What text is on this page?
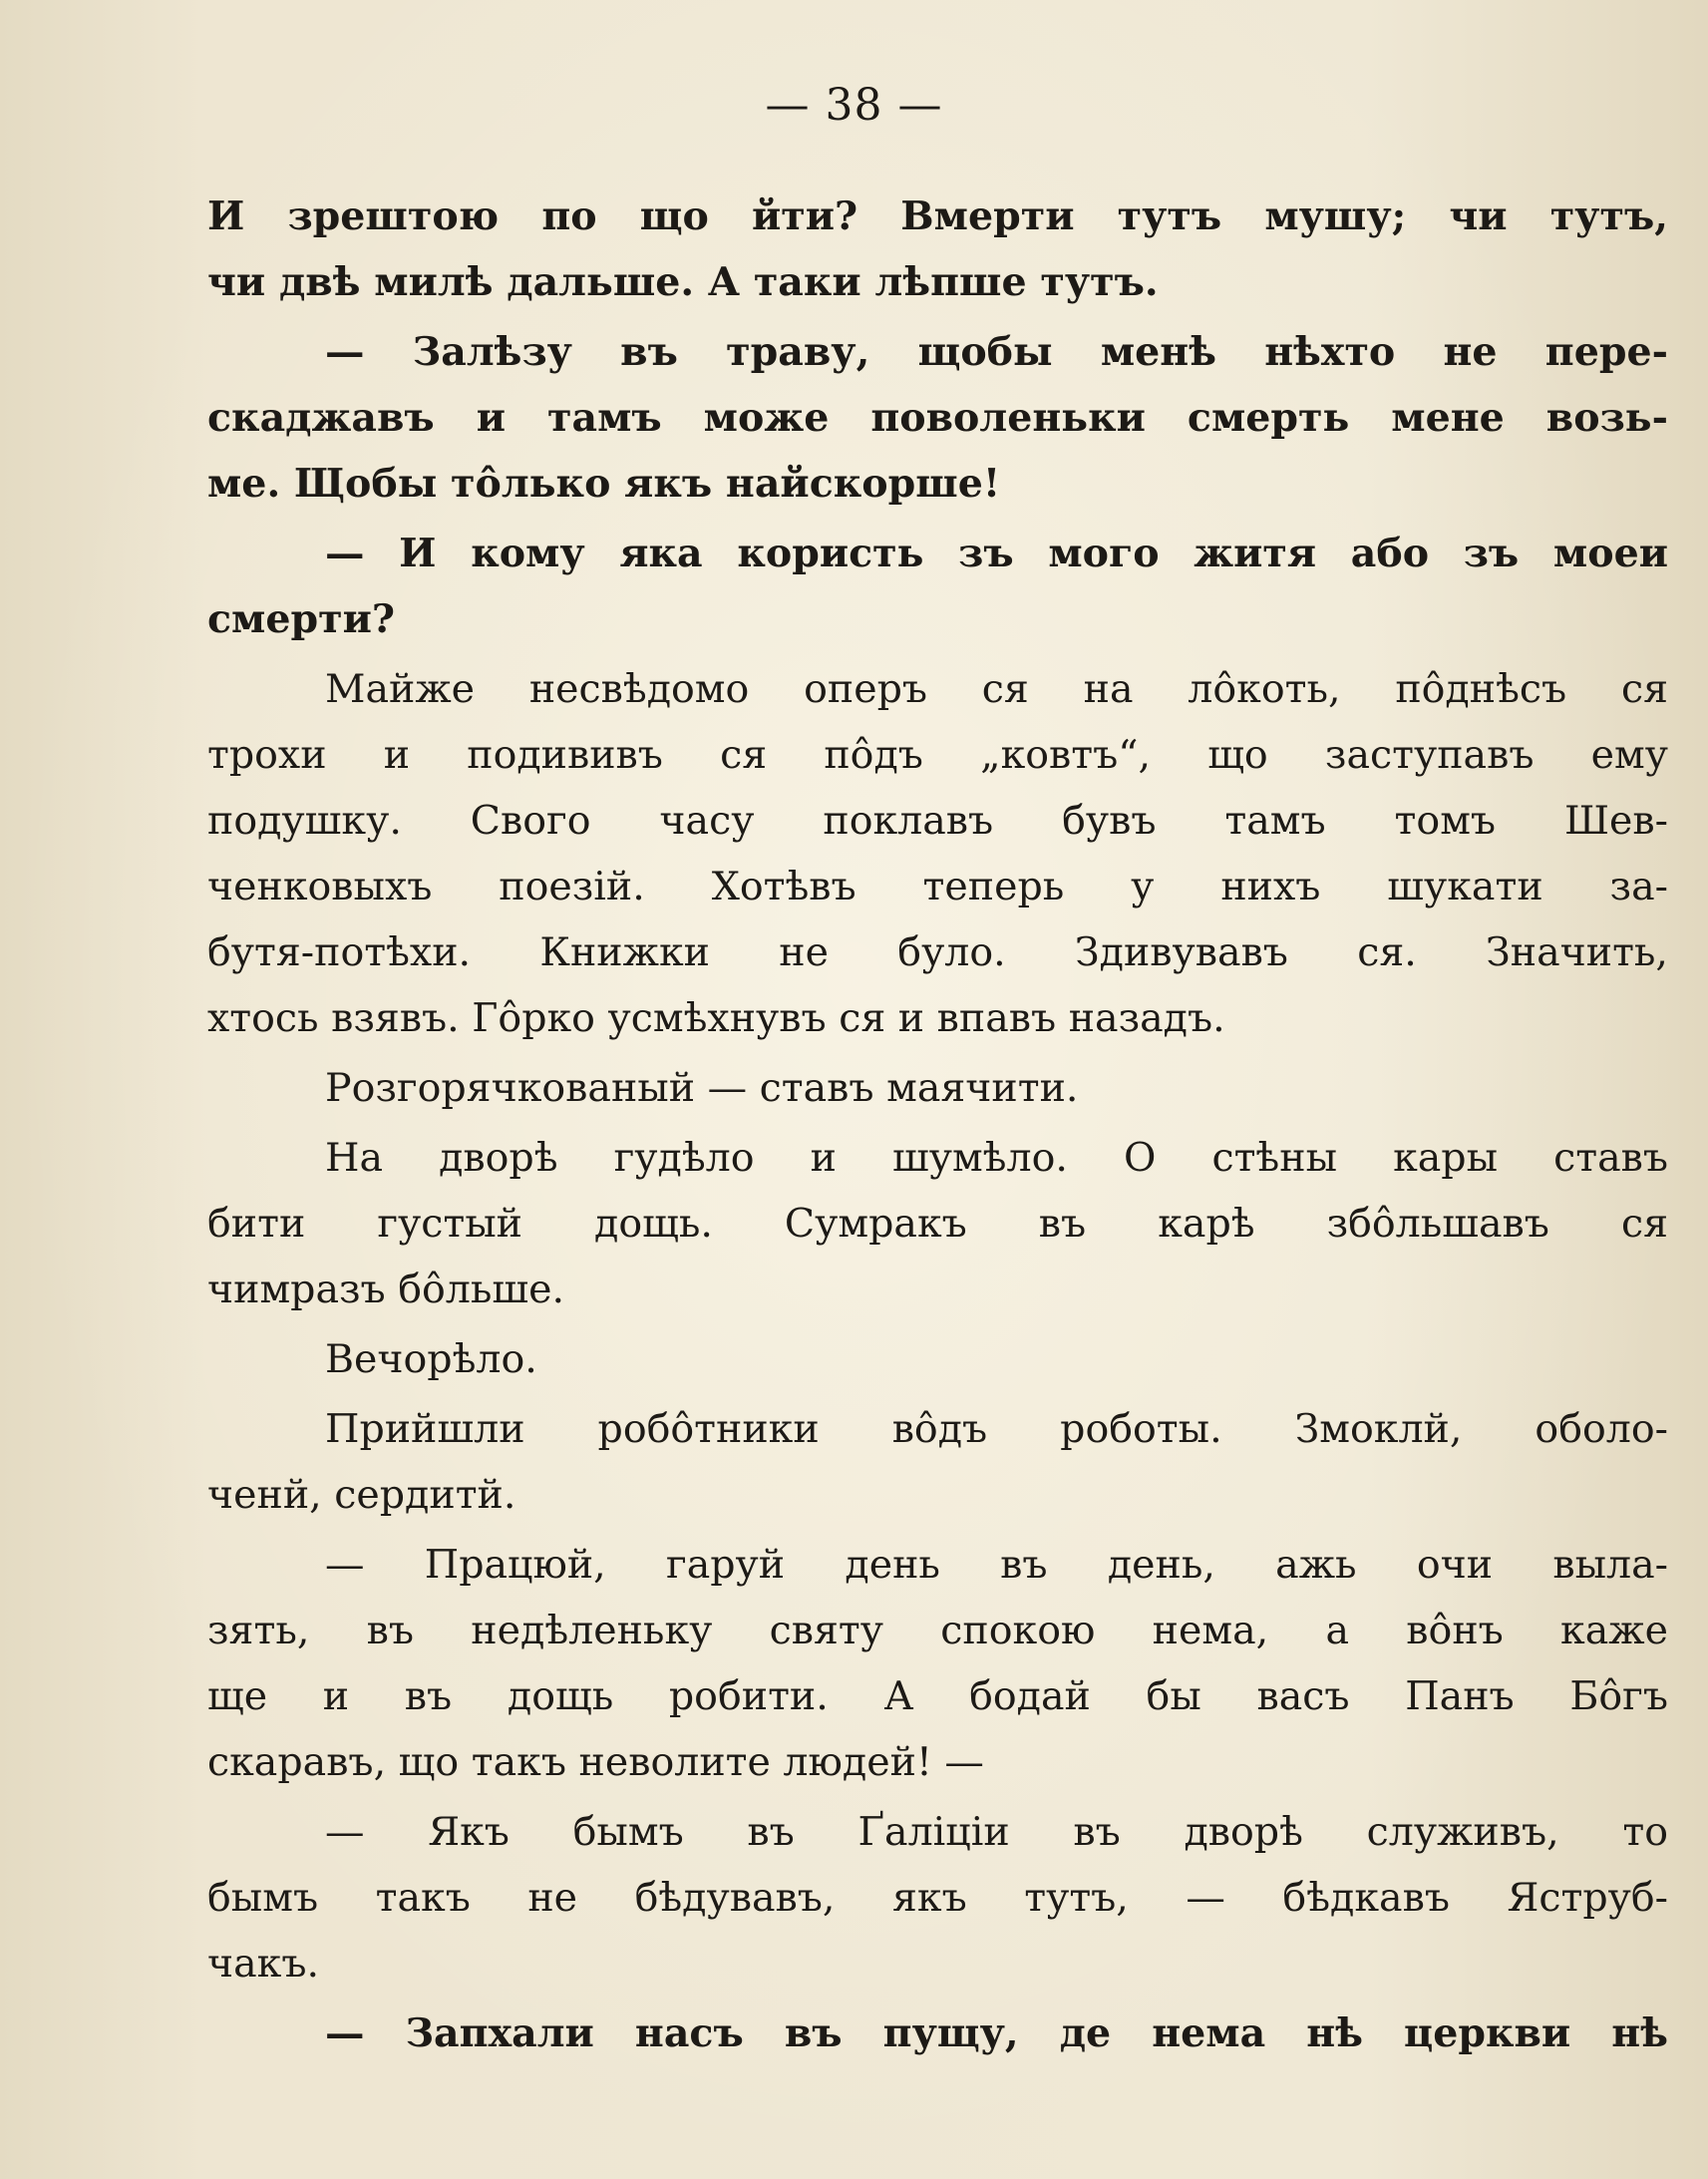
— 38 —
И зрештою по що йти? Вмерти тутъ мушу; чи тутъ,
чи двѣ милѣ дальше. А таки лѣпше тутъ.
— Залѣзу въ траву, щобы менѣ нѣхто не пере-
скаджавъ и тамъ може поволеньки смерть мене возь-
ме. Щобы тôлько якъ найскорше!
— И кому яка користь зъ мого житя або зъ моеи
смерти?
Майже несвѣдомо оперъ ся на лôкоть, пôднѣсъ ся
трохи и подививъ ся пôдъ „ковтъ“, що заступавъ ему
подушку. Свого часу поклавъ бувъ тамъ томъ Шев-
ченковыхъ поезій. Хотѣвъ теперь у нихъ шукати за-
бутя-потѣхи. Книжки не було. Здивувавъ ся. Значить,
хтось взявъ. Гôрко усмѣхнувъ ся и впавъ назадъ.
Розгорячкованый — ставъ маячити.
На дворѣ гудѣло и шумѣло. О стѣны кары ставъ
бити густый дощь. Сумракъ въ карѣ збôльшавъ ся
чимразъ бôльше.
Вечорѣло.
Прийшли робôтники вôдъ роботы. Змоклй, оболо-
ченй, сердитй.
— Працюй, гаруй день въ день, ажь очи вылa-
зять, въ недѣленьку святу спокою нема, а вôнъ каже
ще и въ дощь робити. А бодай бы васъ Панъ Бôгъ
скаравъ, що такъ неволите людей! —
— Якъ бымъ въ Ґаліціи въ дворѣ служивъ, то
бымъ такъ не бѣдувавъ, якъ тутъ, — бѣдкавъ Яструб-
чакъ.
— Запхали насъ въ пущу, де нема нѣ церкви нѣ
